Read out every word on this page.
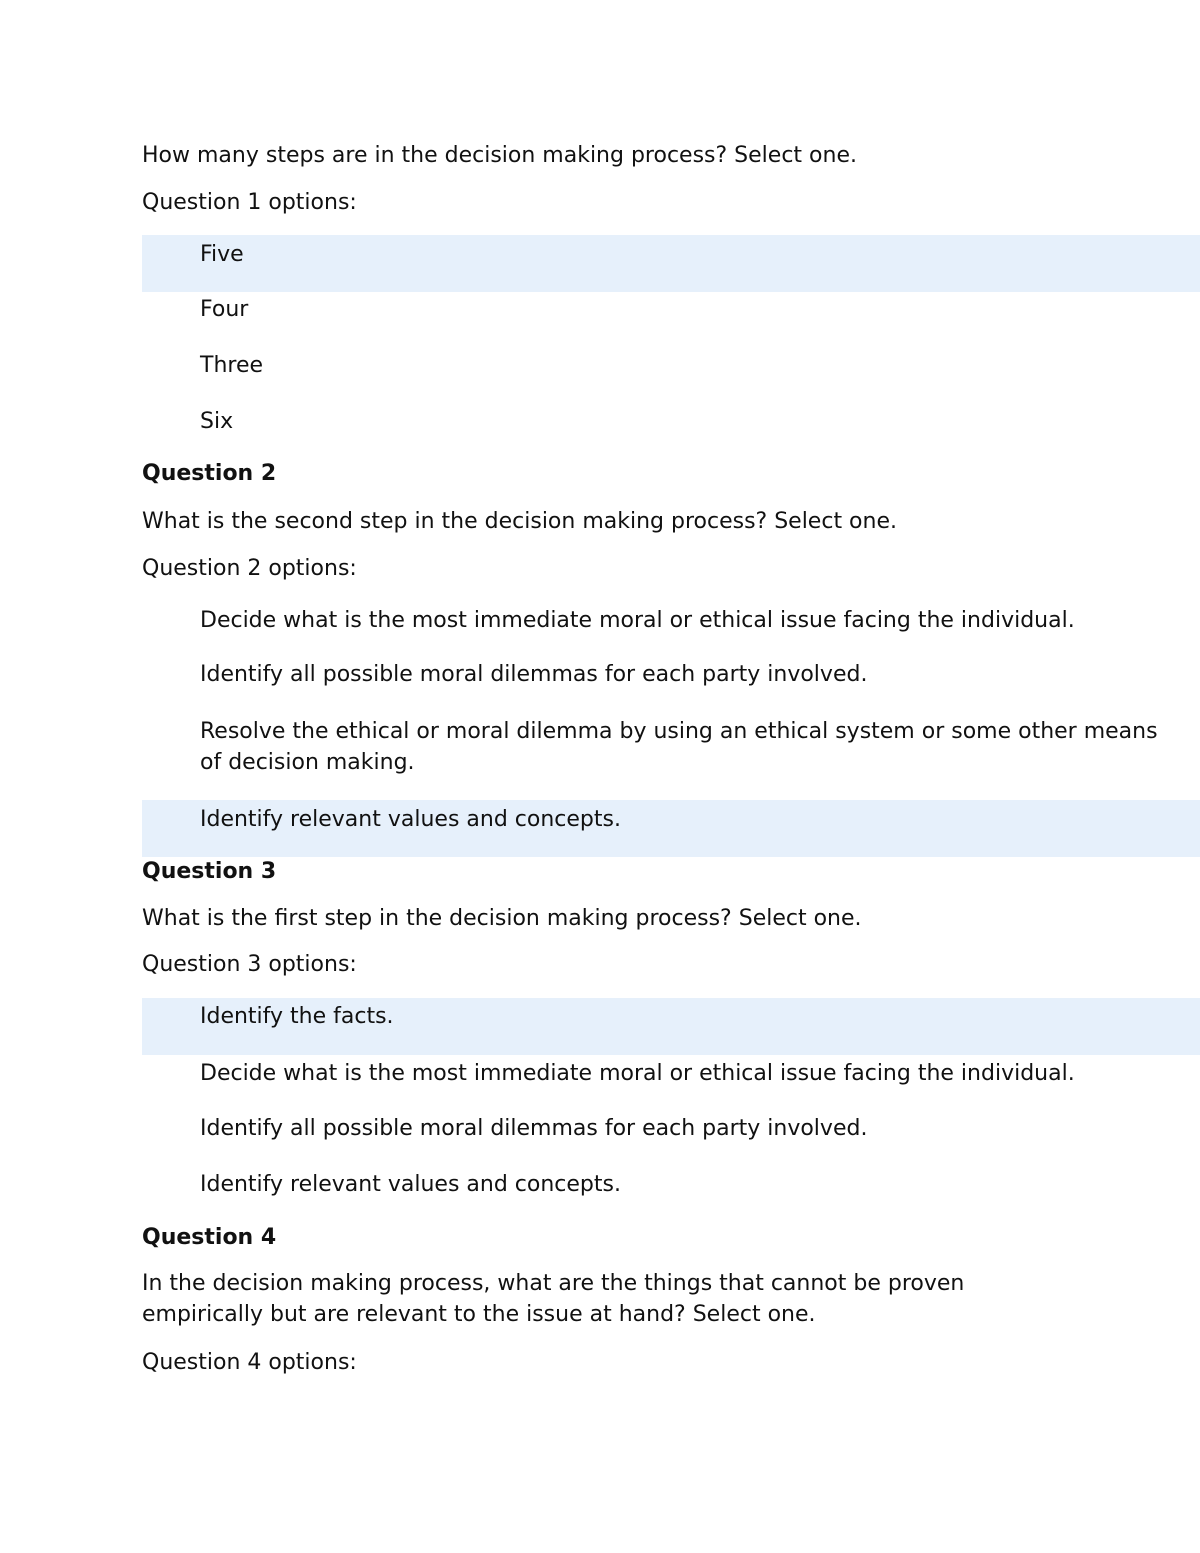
How many steps are in the decision making process? Select one.
Question 1 options:
Five
Four
Three
Six
Question 2
What is the second step in the decision making process? Select one.
Question 2 options:
Decide what is the most immediate moral or ethical issue facing the individual.
Identify all possible moral dilemmas for each party involved.
Resolve the ethical or moral dilemma by using an ethical system or some other means of decision making.
Identify relevant values and concepts.
Question 3
What is the first step in the decision making process? Select one.
Question 3 options:
Identify the facts.
Decide what is the most immediate moral or ethical issue facing the individual.
Identify all possible moral dilemmas for each party involved.
Identify relevant values and concepts.
Question 4
In the decision making process, what are the things that cannot be proven empirically but are relevant to the issue at hand? Select one.
Question 4 options:
